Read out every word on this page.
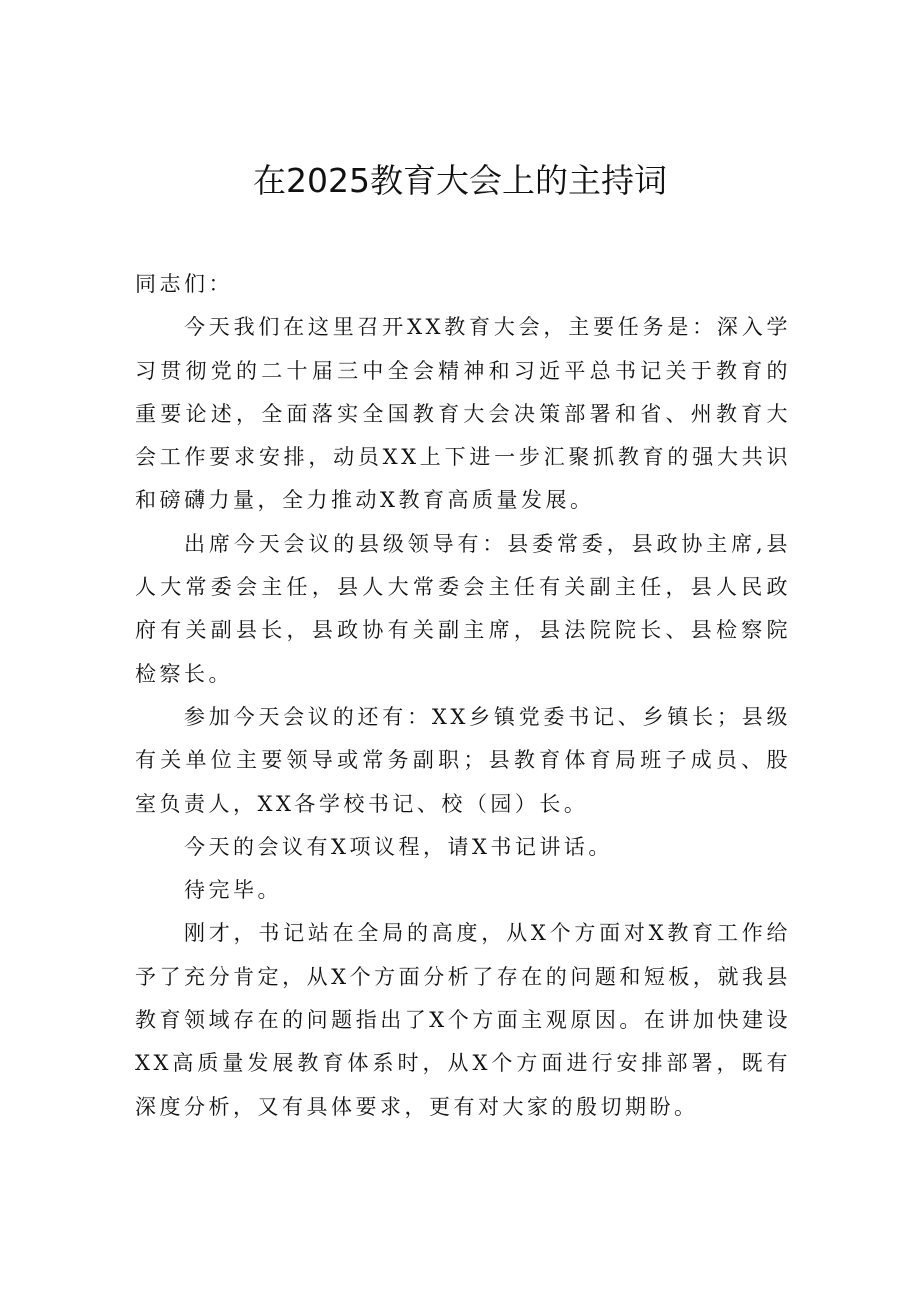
在2025教育大会上的主持词

同志们：

今天我们在这里召开XX教育大会，主要任务是：深入学习贯彻党的二十届三中全会精神和习近平总书记关于教育的重要论述，全面落实全国教育大会决策部署和省、州教育大会工作要求安排，动员XX上下进一步汇聚抓教育的强大共识和磅礴力量，全力推动X教育高质量发展。

出席今天会议的县级领导有：县委常委，县政协主席,县人大常委会主任，县人大常委会主任有关副主任，县人民政府有关副县长，县政协有关副主席，县法院院长、县检察院检察长。

参加今天会议的还有：XX乡镇党委书记、乡镇长；县级有关单位主要领导或常务副职；县教育体育局班子成员、股室负责人，XX各学校书记、校（园）长。

今天的会议有X项议程，请X书记讲话。

待完毕。

刚才，书记站在全局的高度，从X个方面对X教育工作给予了充分肯定，从X个方面分析了存在的问题和短板，就我县教育领域存在的问题指出了X个方面主观原因。在讲加快建设XX高质量发展教育体系时，从X个方面进行安排部署，既有深度分析，又有具体要求，更有对大家的殷切期盼。
